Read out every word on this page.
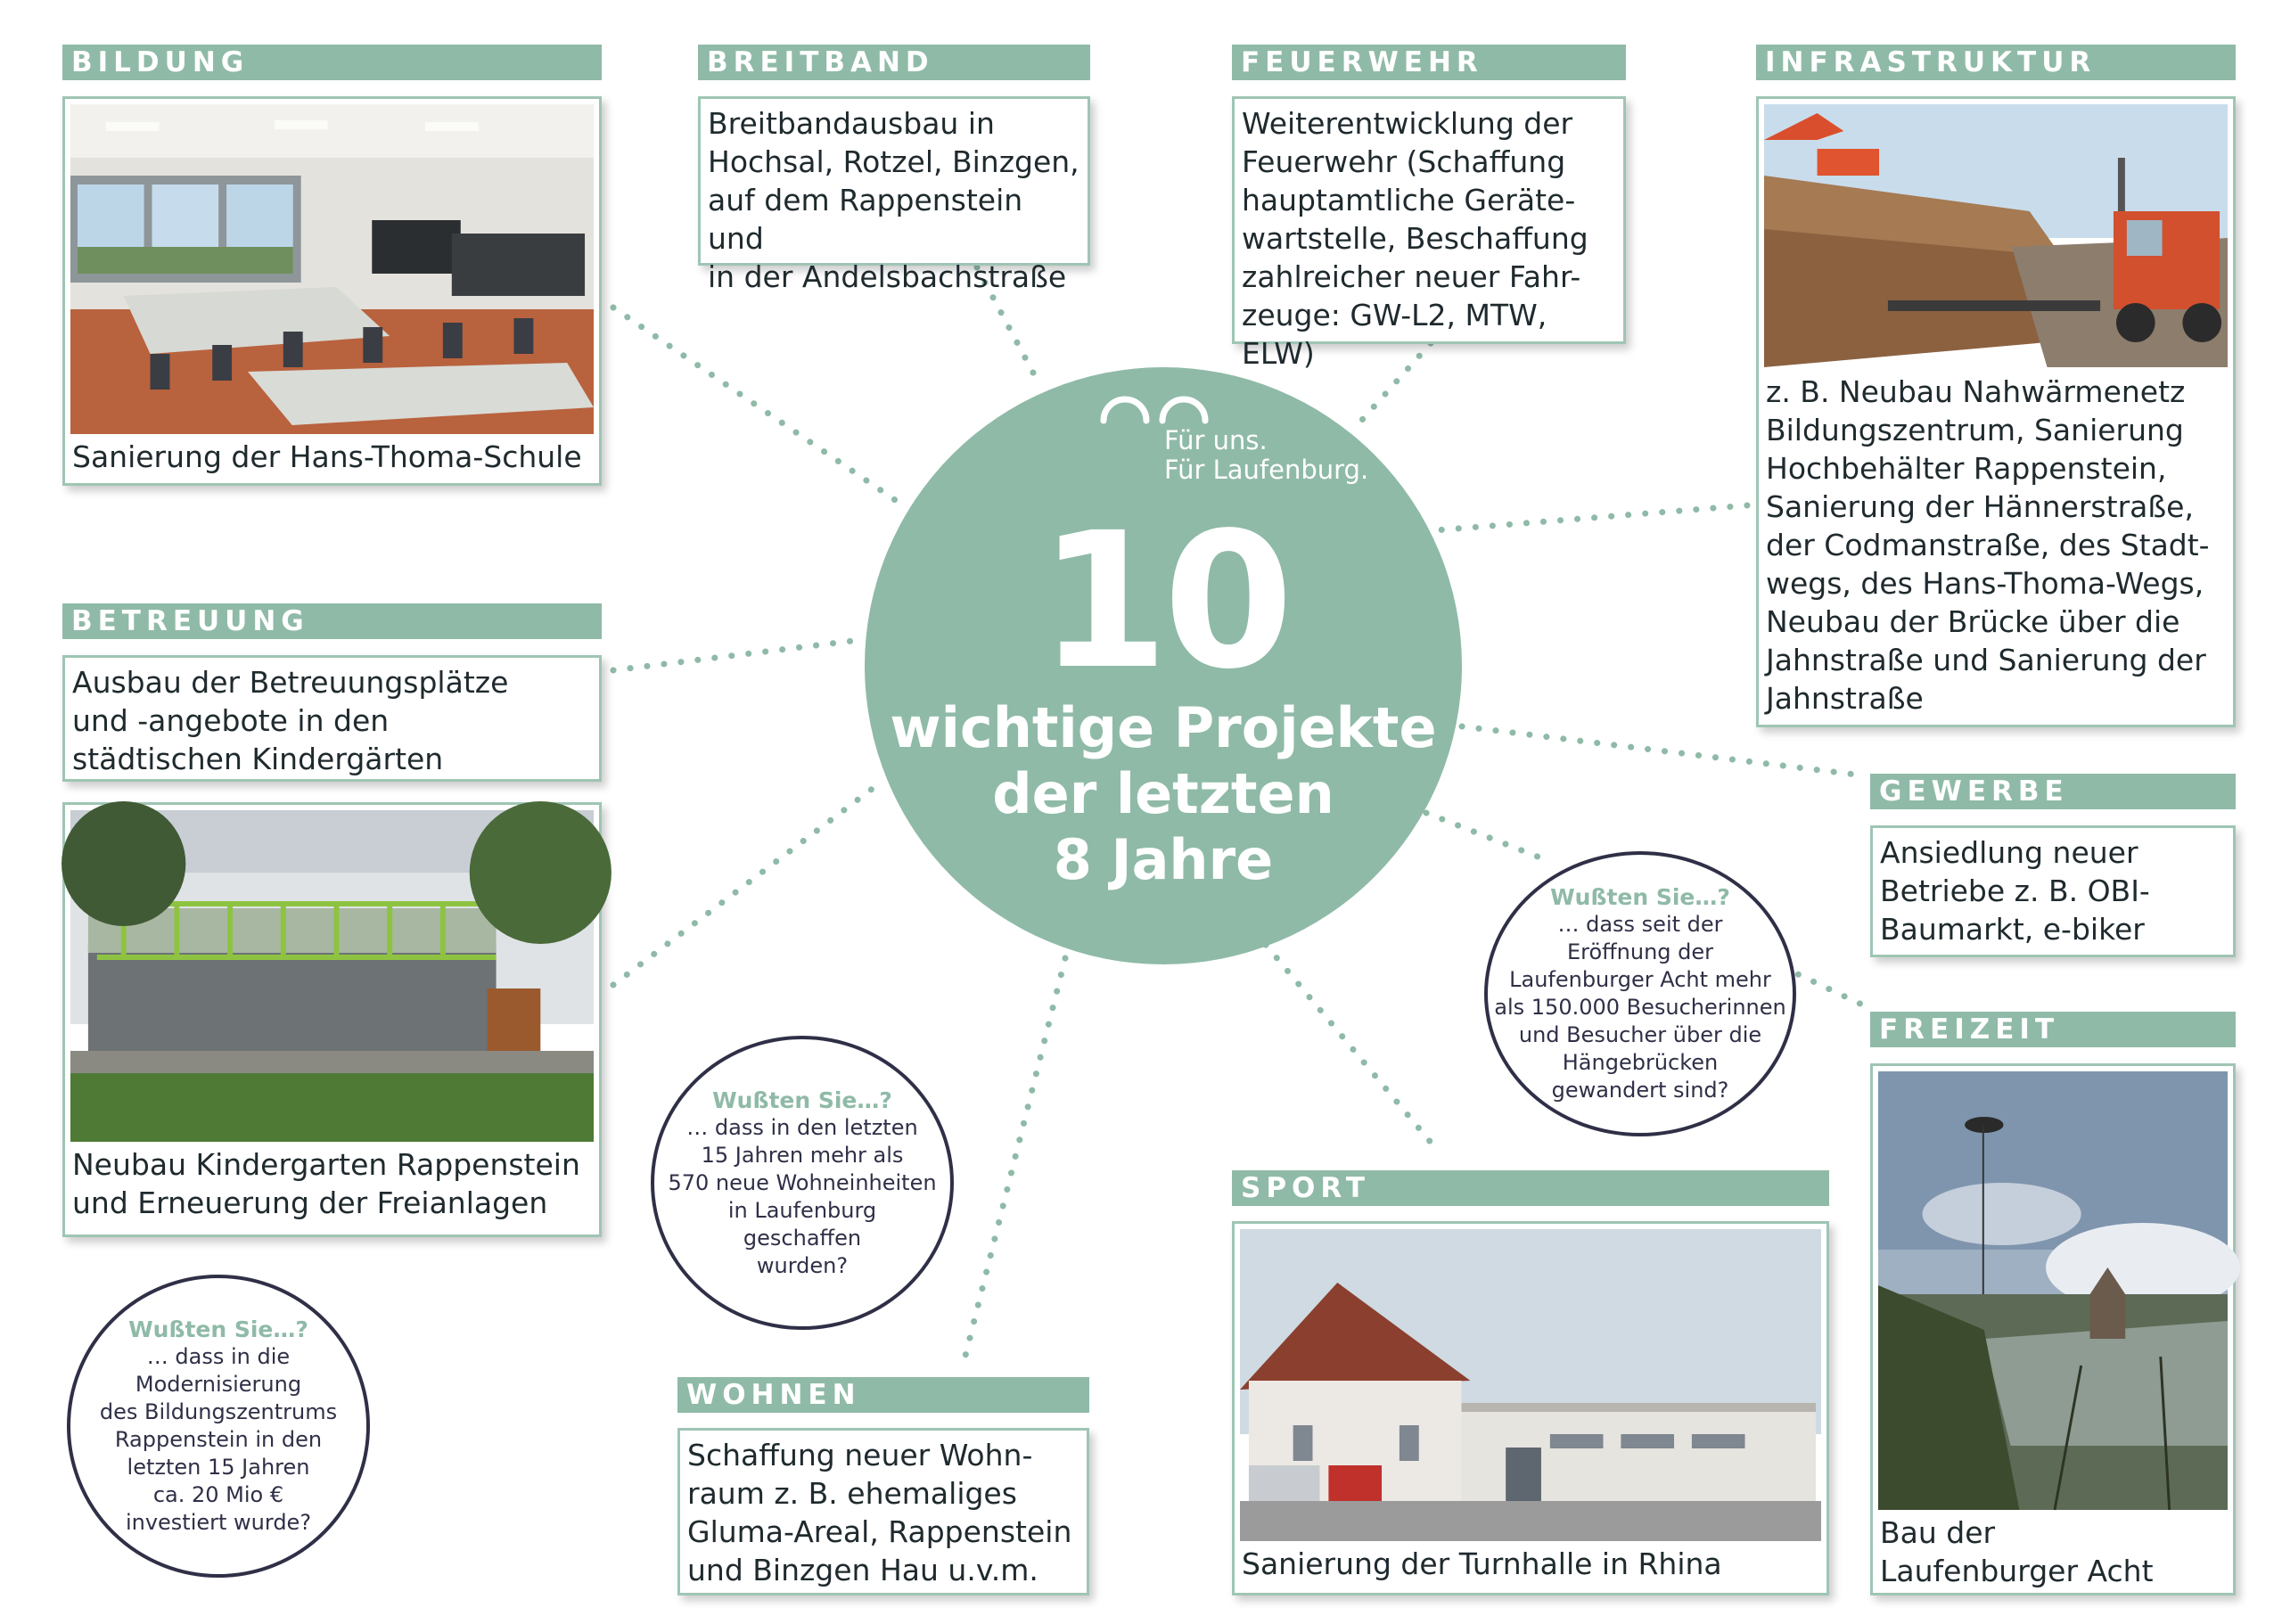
BILDUNG
Sanierung der Hans-Thoma-Schule
BREITBAND
Breitbandausbau in
Hochsal, Rotzel, Binzgen,
auf dem Rappenstein und
in der Andelsbachstraße
FEUERWEHR
Weiterentwicklung der
Feuerwehr (Schaffung
hauptamtliche Geräte-
wartstelle, Beschaffung
zahlreicher neuer Fahr-
zeuge: GW-L2, MTW, ELW)
INFRASTRUKTUR
z. B. Neubau Nahwärmenetz
Bildungszentrum, Sanierung
Hochbehälter Rappenstein,
Sanierung der Hännerstraße,
der Codmanstraße, des Stadt-
wegs, des Hans-Thoma-Wegs,
Neubau der Brücke über die
Jahnstraße und Sanierung der
Jahnstraße
BETREUUNG
Ausbau der Betreuungsplätze
und -angebote in den
städtischen Kindergärten
Neubau Kindergarten Rappenstein
und Erneuerung der Freianlagen
Für uns.
Für Laufenburg.
10
wichtige Projekte
der letzten
8 Jahre
GEWERBE
Ansiedlung neuer
Betriebe z. B. OBI-
Baumarkt, e-biker
Wußten Sie…?
… dass seit der
Eröffnung der
Laufenburger Acht mehr
als 150.000 Besucherinnen
und Besucher über die
Hängebrücken
gewandert sind?
FREIZEIT
Bau der
Laufenburger Acht
Wußten Sie…?
… dass in den letzten
15 Jahren mehr als
570 neue Wohneinheiten
in Laufenburg
geschaffen
wurden?
SPORT
Sanierung der Turnhalle in Rhina
Wußten Sie…?
… dass in die
Modernisierung
des Bildungszentrums
Rappenstein in den
letzten 15 Jahren
ca. 20 Mio €
investiert wurde?
WOHNEN
Schaffung neuer Wohn-
raum z. B. ehemaliges
Gluma-Areal, Rappenstein
und Binzgen Hau u.v.m.
